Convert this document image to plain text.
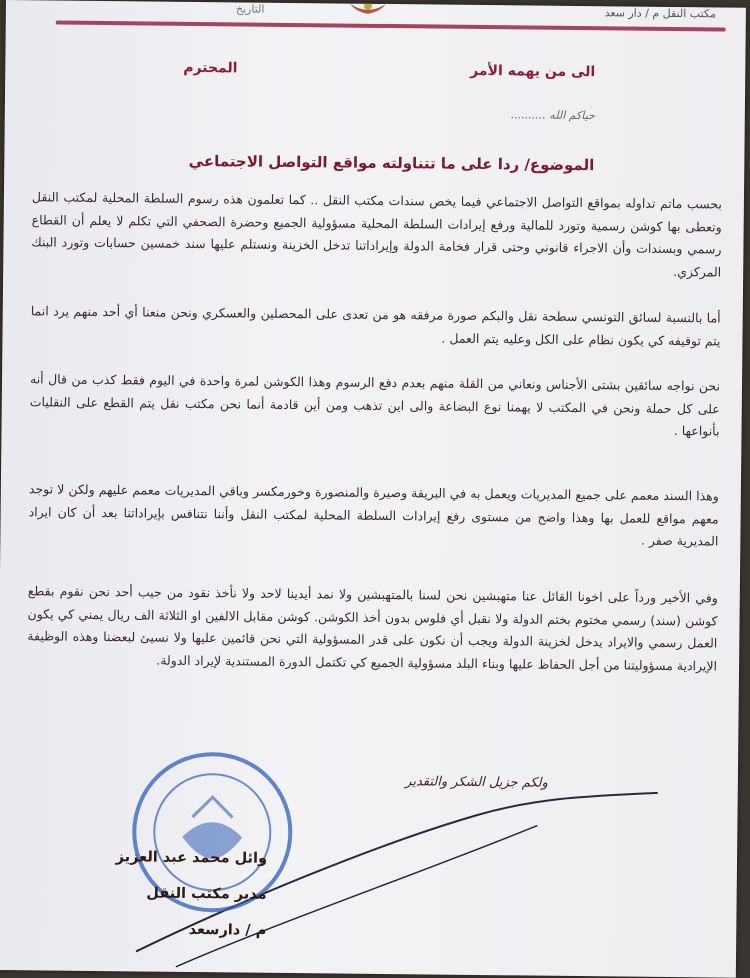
مكتب النقل م / دار سعد
التاريخ
الى من يهمه الأمر
المحترم
حياكم الله ..........
الموضوع/ ردا على ما تتناولته مواقع التواصل الاجتماعي
بحسب ماتم تداوله بمواقع التواصل الاجتماعي فيما يخص سندات مكتب النقل .. كما تعلمون هذه رسوم السلطة المحلية لمكتب النقل وتعطى بها كوشن رسمية وتورد للمالية ورفع إيرادات السلطة المحلية مسؤولية الجميع وحضرة الصحفي التي تكلم لا يعلم أن القطاع رسمي وبسندات وأن الاجراء قانوني وحتى قرار فخامة الدولة وإيراداتنا تدخل الخزينة ونستلم عليها سند خمسين حسابات وتورد البنك المركزي.
أما بالنسبة لسائق التونسي سطحة نقل والبكم صورة مرفقه هو من تعدى على المحصلين والعسكري ونحن منعنا أي أحد منهم يرد انما يتم توقيفه كي يكون نظام على الكل وعليه يتم العمل .
نحن نواجه سائقين بشتى الأجناس ونعاني من القلة منهم بعدم دفع الرسوم وهذا الكوشن لمرة واحدة في اليوم فقط كذب من قال أنه على كل حملة ونحن في المكتب لا يهمنا نوع البضاعة والى اين تذهب ومن أين قادمة أنما نحن مكتب نقل يتم القطع على النقليات بأنواعها .
وهذا السند معمم على جميع المديريات ويعمل به في البريقة وصيرة والمنصورة وخورمكسر وباقي المديريات معمم عليهم ولكن لا توجد معهم مواقع للعمل بها وهذا واضح من مستوى رفع إيرادات السلطة المحلية لمكتب النقل وأننا نتنافس بإيراداتنا بعد أن كان ايراد المديرية صفر .
وفي الأخير ورداً على اخونا القائل عنا متهبشين نحن لسنا بالمتهبشين ولا نمد أيدينا لاحد ولا نأخذ نقود من جيب أحد نحن نقوم بقطع كوشن (سند) رسمي مختوم بختم الدولة ولا نقبل أي فلوس بدون أخذ الكوشن. كوشن مقابل الالفين او الثلاثة الف ريال يمني كي يكون العمل رسمي والايراد يدخل لخزينة الدولة ويجب أن نكون على قدر المسؤولية التي نحن قائمين عليها ولا نسيئ لبعضنا وهذه الوظيفة الإيرادية مسؤوليتنا من أجل الحفاظ عليها وبناء البلد مسؤولية الجميع كي تكتمل الدورة المستندية لإيراد الدولة.
ولكم جزيل الشكر والتقدير
وائل محمد عبد العزيز
مدير مكتب النقل
م / دارسعد
